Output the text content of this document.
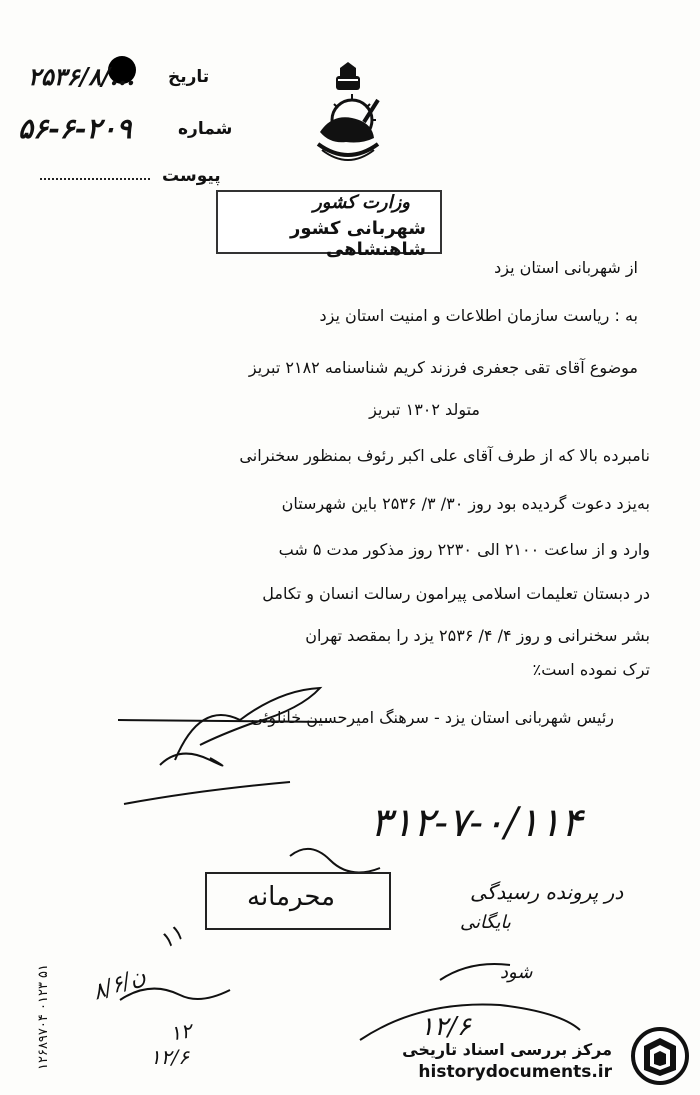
۲۵۳۶/۸/... تاریخ
۵۶-۶-۲۰۹	شماره
پیوست
وزارت کشور
شهربانی کشور شاهنشاهی
از شهربانی استان یزد
به : ریاست سازمان اطلاعات و امنیت استان یزد
موضوع آقای تقی جعفری فرزند کریم شناسنامه ۲۱۸۲ تبریز
متولد ۱۳۰۲ تبریز
نامبرده بالا که از طرف آقای علی اکبر رئوف بمنظور سخنرانی
به‌یزد دعوت گردیده بود روز ۳۰/ ۳/ ۲۵۳۶ باین شهرستان
وارد و از ساعت ۲۱۰۰ الی ۲۲۳۰ روز مذکور مدت ۵ شب
در دبستان تعلیمات اسلامی پیرامون رسالت انسان و تکامل
بشر سخنرانی و روز ۴/ ۴/ ۲۵۳۶ یزد را بمقصد تهران
ترک نموده است٪
رئیس شهربانی استان یزد - سرهنگ امیرحسین خانلوئی
۳۱۲-۷-۰/۱۱۴
محرمانه	در پرونده رسیدگی
بایگانی
شود
۱۱
۸/۶/ن
۱۲	۱۲/۶
۱۲/۶
‎۱۲۶۸۹۷۰۴ ۰۱۲۳ ۵۱	مرکز بررسی اسناد تاریخی
historydocuments.ir
